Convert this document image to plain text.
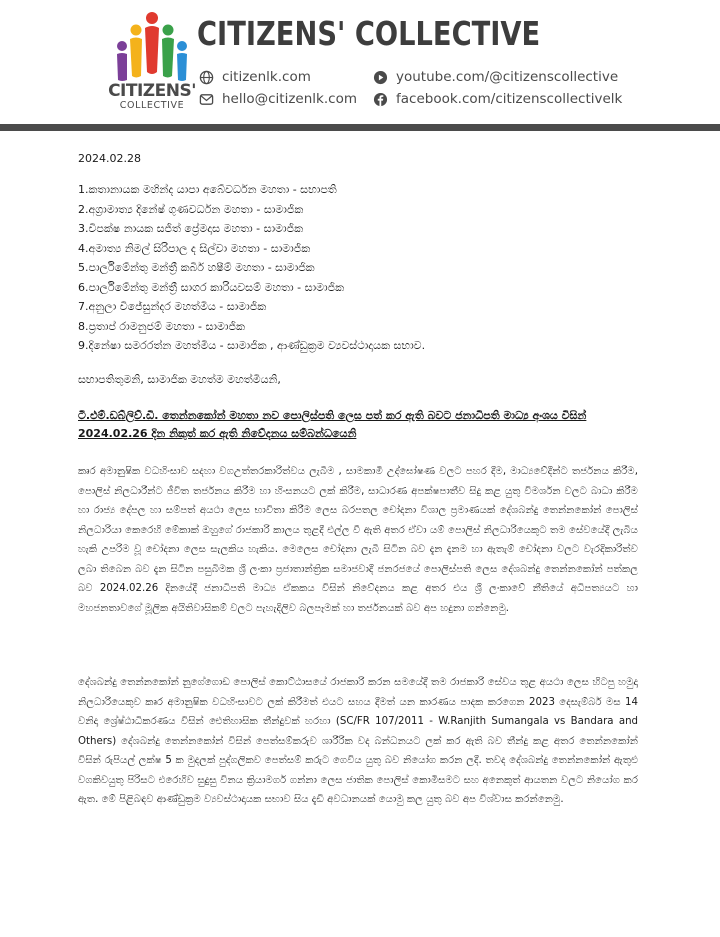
CITIZENS'
COLLECTIVE
CITIZENS' COLLECTIVE
citizenlk.com
hello@citizenlk.com
youtube.com/@citizenscollective
facebook.com/citizenscollectivelk
2024.02.28
1.කතානායක මහින්ද යාපා අබේවර්ධන මහතා - සභාපති
2.අග්‍රාමාත්‍ය දිනේෂ් ගුණවර්ධන මහතා - සාමාජික
3.විපක්ෂ නායක සජිත් ප්‍රේමදාස මහතා - සාමාජික
4.අමාත්‍ය නිමල් සිරිපාල ද සිල්වා මහතා - සාමාජික
5.පාර්ලිමේන්තු මන්ත්‍රී කබීර් හෂීම් මහතා - සාමාජික
6.පාර්ලිමේන්තු මන්ත්‍රී සාගර කාරියවසම් මහතා - සාමාජික
7.අනුලා විජේසුන්දර මහත්මිය - සාමාජික
8.ප්‍රතාප් රාමනුජම් මහතා - සාමාජික
9.දිනේෂා සමරරත්න මහත්මිය - සාමාජික , ආණ්ඩුක්‍රම ව්‍යවස්ථාදායක සභාව.
සභාපතිතුමනි, සාමාජික මහත්ම මහත්මියනි,
ටී.එම්.ඩබ්ලිව්.ඩී. තෙන්නකෝන් මහතා නව පොලිස්පති ලෙස පත් කර ඇති බවට ජනාධිපති මාධ්‍ය අංශය විසින් 2024.02.26 දින නිකුත් කර ඇති නිවේදනය සම්බන්ධයෙනි
කෘර අමානුෂික වධහිංසාව සදහා වගඋත්තරකාරිත්වය ලැබීම , සාමකාමී උද්ඝෝෂණ වලට පහර දීම, මාධ්‍යවේදීන්ට තර්ජනය කිරීම, පොලිස් නිලධාරීන්ට ජීවිත තර්ජනය කිරීම හා හිංසනයට ලක් කිරීම, සාධාරණ අපක්ෂපාතීව සිදු කළ යුතු විමර්ශන වලට බාධා කිරීම හා රාජ්‍ය දේපල හා සම්පත් අයථා ලෙස භාවිතා කිරීම ලෙස බරපතල චෝදනා විශාල ප්‍රමාණයක් දේශබන්දු තෙන්නකෝන් පොලිස් නිලධාරියා කෙරෙහි මේකාක් ඔහුගේ රාජකාරි කාලය තුළදී එල්ල වී ඇති අතර ඒවා යම් පොලිස් නිලධාරියෙකුට තම සේවයේදී ලැබිය හැකි උපරිම වූ චෝදනා ලෙස සැලකිය හැකිය. මෙලෙස චෝදනා ලැබී සිටින බව දැන දැනම හා ඇතැම් චෝදනා වලට වැරදිකාරිත්ව ලබා තිබෙන බව දැන සිටින පසුබිමක ශ්‍රී ලංකා ප්‍රජාතාන්ත්‍රික සමාජවාදී ජනරජයේ පොලිස්පති ලෙස දේශබන්දු තෙන්නකෝන් පත්කල බව 2024.02.26 දිනයේදී ජනාධිපති මාධ්‍ය ඒකකය විසින් නිවේදනය කළ අතර එය ශ්‍රී ලංකාවේ නීතියේ අධිපත්‍යයට හා මහජනතාවගේ මූලික අයිතිවාසිකම් වලට පැහැදිලිව බලපෑමක් හා තර්ජනයක් බව අප හදුනා ගන්නෙමු.
දේශබන්දු තෙන්නකෝන් නුගේගොඩ පොලිස් කොට්ඨාසයේ රාජකාරි කරන සමයේදී තම රාජකාරි සේවය තුළ අයථා ලෙස හිටපු හමුදා නිලධාරියෙකුව කෘර අමානුෂික වධහිංසාවට ලක් කිරීමත් එයට සහය දීමත් යන කාරණය පාදක කරගෙන 2023 දෙසැම්බර් මස 14 වනිදා ශ්‍රේෂ්ඨාධිකරණය විසින් ඓතිහාසික තීන්දුවක් හරහා (SC/FR 107/2011 - W.Ranjith Sumangala vs Bandara and Others) දේශබන්දු තෙන්නකෝන් විසින් පෙත්සම්කරුව ශාරීරික වද බන්ධනයට ලක් කර ඇති බව තීන්දු කළ අතර තෙන්නකෝන් විසින් රුපියල් ලක්ෂ 5 ක මුදලක් පුද්ගලිකව පෙත්සම් කරුට ගෙවිය යුතු බව නියෝග කරන ලදී. තවද දේශබන්දු තෙන්නකෝන් ඇතුළු වගකිවයුතු පිරිසට එරෙහිව සුදුසු විනය ක්‍රියාමර්ග ගන්නා ලෙස ජාතික පොලිස් කොමිසමට සහ අනෙකුත් ආයතන වලට නියෝග කර ඇත. මේ පිළිබඳව ආණ්ඩුක්‍රම ව්‍යවස්ථාදායක සභාව සිය දැඩි අවධානයක් යොමු කල යුතු බව අප විශ්වාස කරන්නෙමු.
